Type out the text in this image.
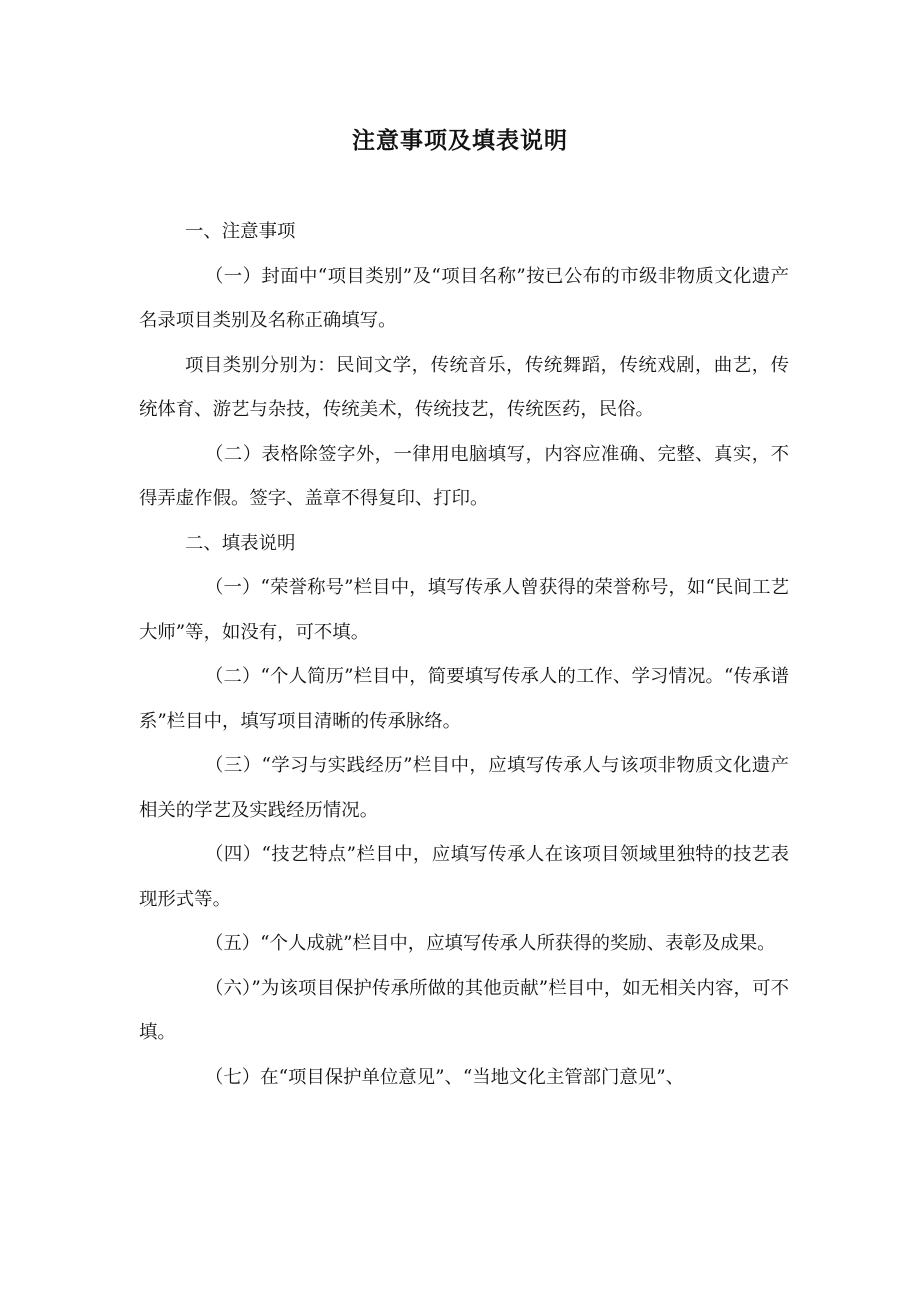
注意事项及填表说明

一、注意事项

（一）封面中“项目类别”及“项目名称”按已公布的市级非物质文化遗产名录项目类别及名称正确填写。

项目类别分别为：民间文学，传统音乐，传统舞蹈，传统戏剧，曲艺，传统体育、游艺与杂技，传统美术，传统技艺，传统医药，民俗。

（二）表格除签字外，一律用电脑填写，内容应准确、完整、真实，不得弄虚作假。签字、盖章不得复印、打印。

二、填表说明

（一）“荣誉称号”栏目中，填写传承人曾获得的荣誉称号，如“民间工艺大师”等，如没有，可不填。

（二）“个人简历”栏目中，简要填写传承人的工作、学习情况。“传承谱系”栏目中，填写项目清晰的传承脉络。

（三）“学习与实践经历”栏目中，应填写传承人与该项非物质文化遗产相关的学艺及实践经历情况。

（四）“技艺特点”栏目中，应填写传承人在该项目领域里独特的技艺表现形式等。

（五）“个人成就”栏目中，应填写传承人所获得的奖励、表彰及成果。

（六）”为该项目保护传承所做的其他贡献”栏目中，如无相关内容，可不填。

（七）在“项目保护单位意见”、“当地文化主管部门意见”、
